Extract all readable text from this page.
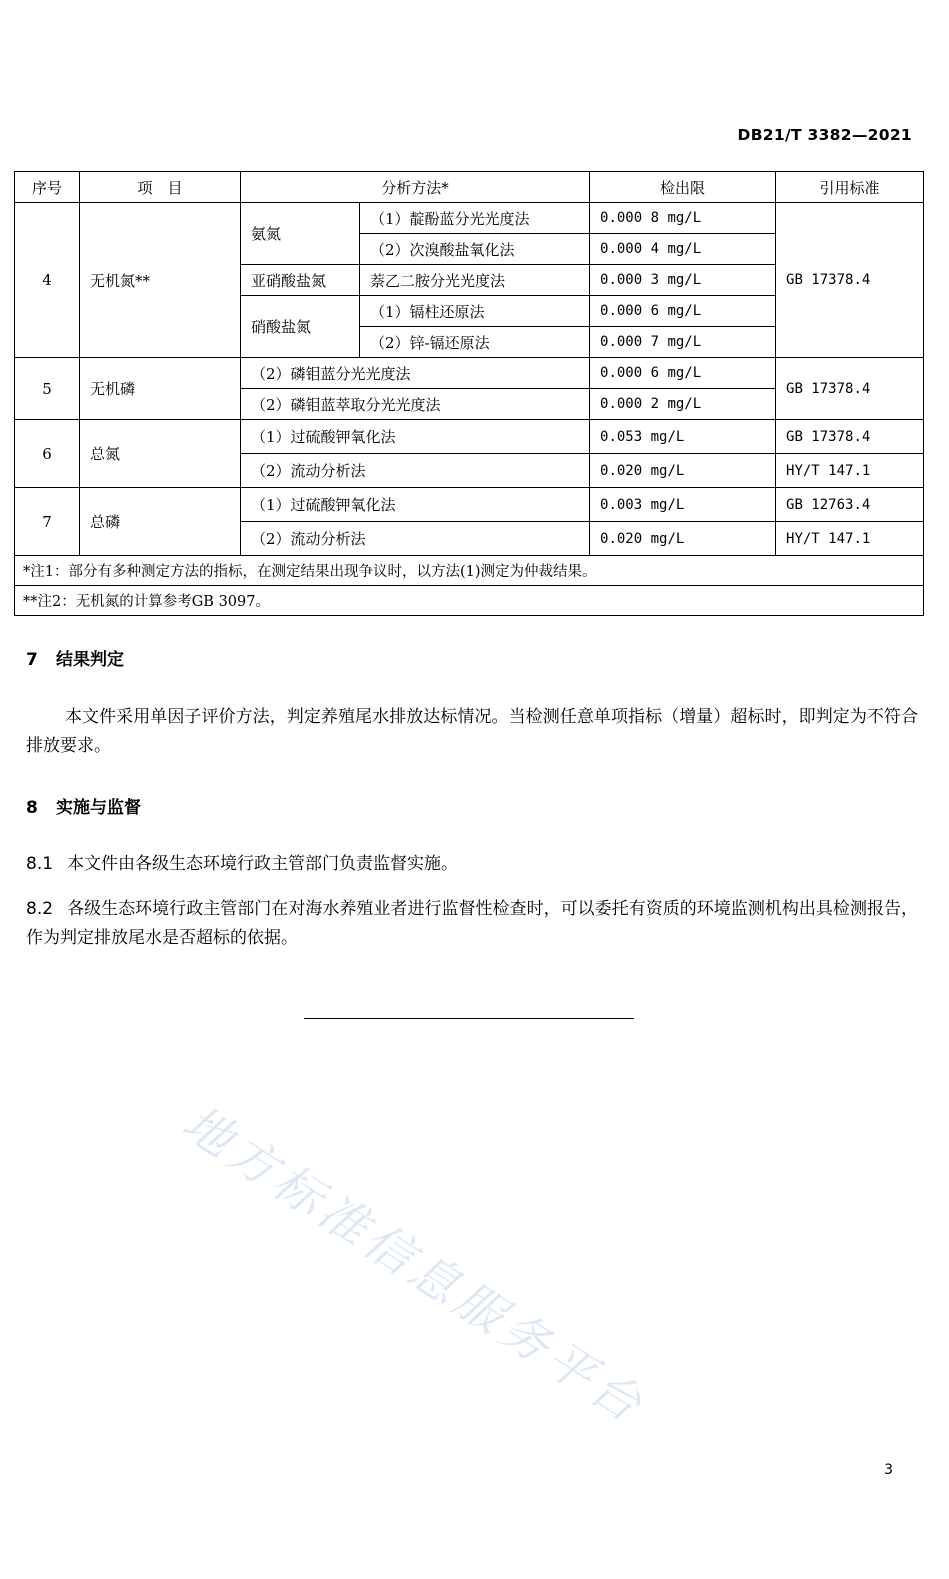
DB21/T 3382—2021
序号	项　目	分析方法*		检出限	引用标准
4	无机氮**	氨氮	（1）靛酚蓝分光光度法	0.000 8 mg/L	GB 17378.4
			（2）次溴酸盐氧化法	0.000 4 mg/L	
		亚硝酸盐氮	萘乙二胺分光光度法	0.000 3 mg/L	
		硝酸盐氮	（1）镉柱还原法	0.000 6 mg/L	
			（2）锌-镉还原法	0.000 7 mg/L	
5	无机磷	（2）磷钼蓝分光光度法		0.000 6 mg/L	GB 17378.4
		（2）磷钼蓝萃取分光光度法		0.000 2 mg/L	
6	总氮	（1）过硫酸钾氧化法		0.053 mg/L	GB 17378.4
		（2）流动分析法		0.020 mg/L	HY/T 147.1
7	总磷	（1）过硫酸钾氧化法		0.003 mg/L	GB 12763.4
		（2）流动分析法		0.020 mg/L	HY/T 147.1
*注1：部分有多种测定方法的指标，在测定结果出现争议时，以方法(1)测定为仲裁结果。					
**注2：无机氮的计算参考GB 3097。					
7 结果判定
本文件采用单因子评价方法，判定养殖尾水排放达标情况。当检测任意单项指标（增量）超标时，即判定为不符合排放要求。
8 实施与监督
8.1 本文件由各级生态环境行政主管部门负责监督实施。
8.2 各级生态环境行政主管部门在对海水养殖业者进行监督性检查时，可以委托有资质的环境监测机构出具检测报告，作为判定排放尾水是否超标的依据。
地方标准信息服务平台
3
